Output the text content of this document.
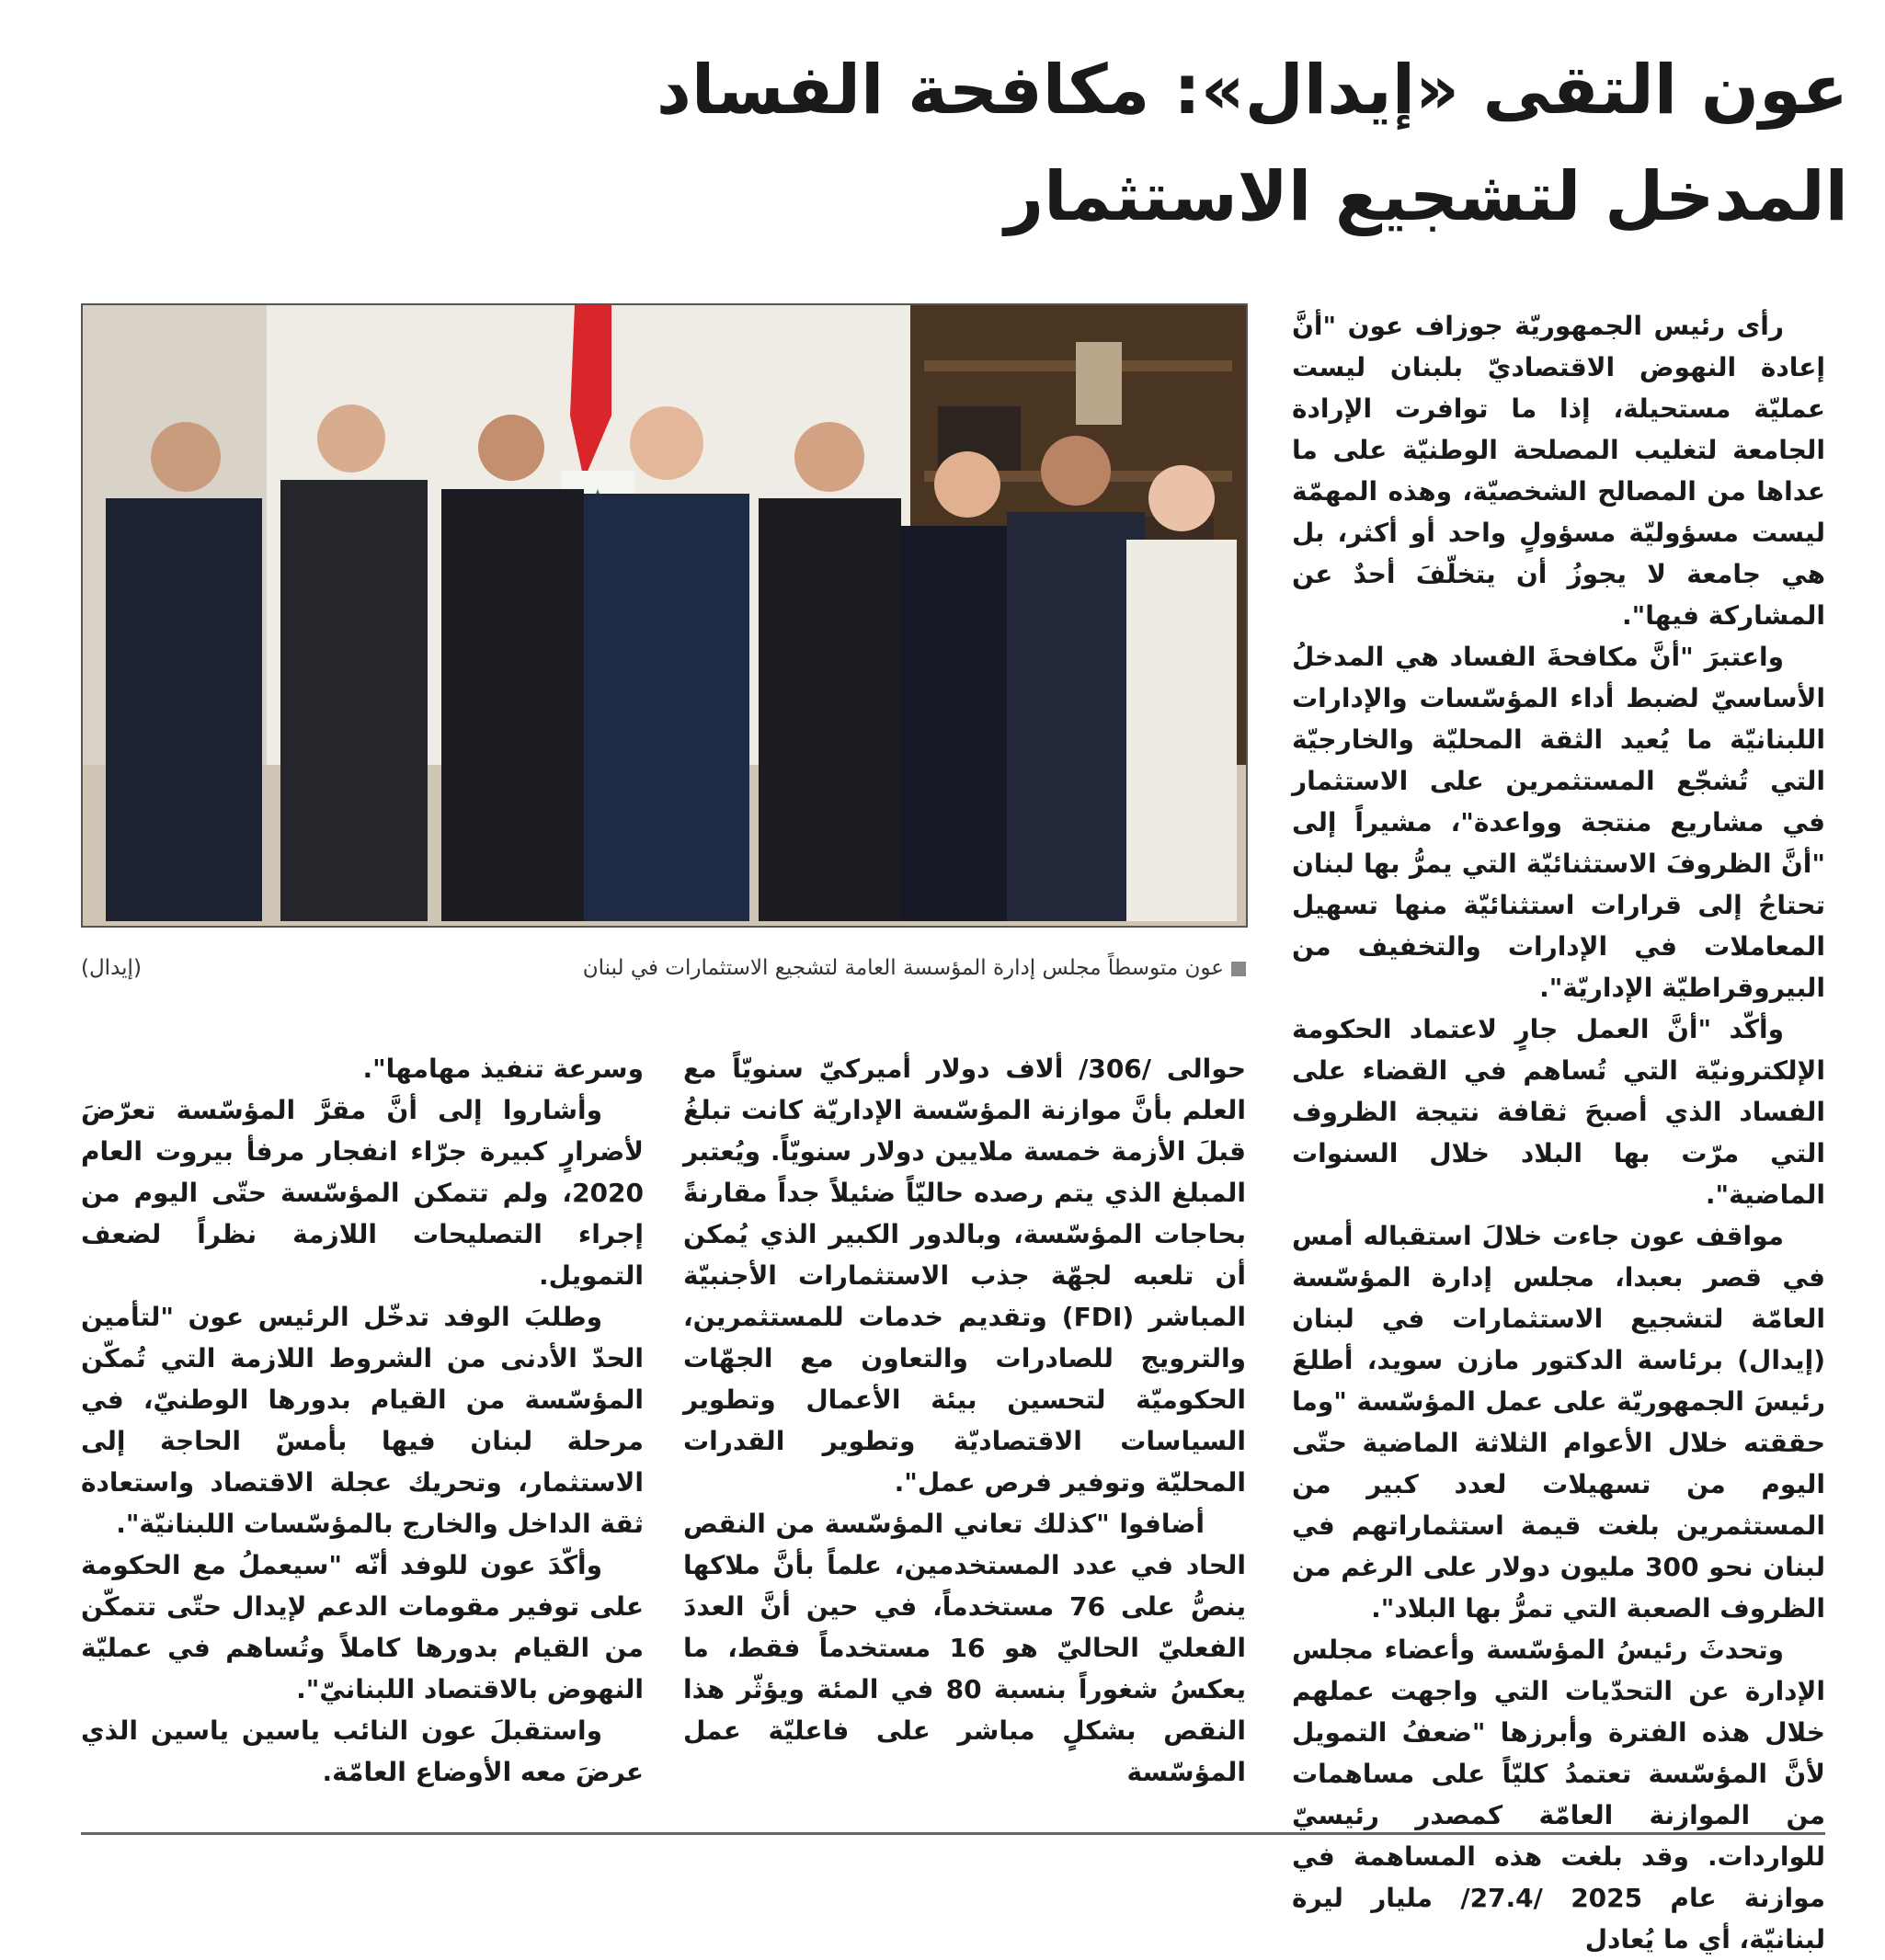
عون التقى «إيدال»: مكافحة الفساد
المدخل لتشجيع الاستثمار
عون متوسطاً مجلس إدارة المؤسسة العامة لتشجيع الاستثمارات في لبنان
(إيدال)

رأى رئيس الجمهوريّة جوزاف عون "أنَّ إعادة النهوض الاقتصاديّ بلبنان ليست عمليّة مستحيلة، إذا ما توافرت الإرادة الجامعة لتغليب المصلحة الوطنيّة على ما عداها من المصالح الشخصيّة، وهذه المهمّة ليست مسؤوليّة مسؤولٍ واحد أو أكثر، بل هي جامعة لا يجوزُ أن يتخلّفَ أحدٌ عن المشاركة فيها".

واعتبرَ "أنَّ مكافحةَ الفساد هي المدخلُ الأساسيّ لضبط أداء المؤسّسات والإدارات اللبنانيّة ما يُعيد الثقة المحليّة والخارجيّة التي تُشجّع المستثمرين على الاستثمار في مشاريع منتجة وواعدة"، مشيراً إلى "أنَّ الظروفَ الاستثنائيّة التي يمرُّ بها لبنان تحتاجُ إلى قرارات استثنائيّة منها تسهيل المعاملات في الإدارات والتخفيف من البيروقراطيّة الإداريّة".

وأكّد "أنَّ العمل جارٍ لاعتماد الحكومة الإلكترونيّة التي تُساهم في القضاء على الفساد الذي أصبحَ ثقافة نتيجة الظروف التي مرّت بها البلاد خلال السنوات الماضية".

مواقف عون جاءت خلالَ استقباله أمس في قصر بعبدا، مجلس إدارة المؤسّسة العامّة لتشجيع الاستثمارات في لبنان (إيدال) برئاسة الدكتور مازن سويد، أطلعَ رئيسَ الجمهوريّة على عمل المؤسّسة "وما حققته خلال الأعوام الثلاثة الماضية حتّى اليوم من تسهيلات لعدد كبير من المستثمرين بلغت قيمة استثماراتهم في لبنان نحو 300 مليون دولار على الرغم من الظروف الصعبة التي تمرُّ بها البلاد".

وتحدثَ رئيسُ المؤسّسة وأعضاء مجلس الإدارة عن التحدّيات التي واجهت عملهم خلال هذه الفترة وأبرزها "ضعفُ التمويل لأنَّ المؤسّسة تعتمدُ كليّاً على مساهمات من الموازنة العامّة كمصدر رئيسيّ للواردات. وقد بلغت هذه المساهمة في موازنة عام 2025 /27.4/ مليار ليرة لبنانيّة، أي ما يُعادل

حوالى /306/ ألاف دولار أميركيّ سنويّاً مع العلم بأنَّ موازنة المؤسّسة الإداريّة كانت تبلغُ قبلَ الأزمة خمسة ملايين دولار سنويّاً. ويُعتبر المبلغ الذي يتم رصده حاليّاً ضئيلاً جداً مقارنةً بحاجات المؤسّسة، وبالدور الكبير الذي يُمكن أن تلعبه لجهّة جذب الاستثمارات الأجنبيّة المباشر (FDI) وتقديم خدمات للمستثمرين، والترويج للصادرات والتعاون مع الجهّات الحكوميّة لتحسين بيئة الأعمال وتطوير السياسات الاقتصاديّة وتطوير القدرات المحليّة وتوفير فرص عمل".

أضافوا "كذلك تعاني المؤسّسة من النقص الحاد في عدد المستخدمين، علماً بأنَّ ملاكها ينصُّ على 76 مستخدماً، في حين أنَّ العددَ الفعليّ الحاليّ هو 16 مستخدماً فقط، ما يعكسُ شغوراً بنسبة 80 في المئة ويؤثّر هذا النقص بشكلٍ مباشر على فاعليّة عمل المؤسّسة

وسرعة تنفيذ مهامها".

وأشاروا إلى أنَّ مقرَّ المؤسّسة تعرّضَ لأضرارٍ كبيرة جرّاء انفجار مرفأ بيروت العام 2020، ولم تتمكن المؤسّسة حتّى اليوم من إجراء التصليحات اللازمة نظراً لضعف التمويل.

وطلبَ الوفد تدخّل الرئيس عون "لتأمين الحدّ الأدنى من الشروط اللازمة التي تُمكّن المؤسّسة من القيام بدورها الوطنيّ، في مرحلة لبنان فيها بأمسّ الحاجة إلى الاستثمار، وتحريك عجلة الاقتصاد واستعادة ثقة الداخل والخارج بالمؤسّسات اللبنانيّة".

وأكّدَ عون للوفد أنّه "سيعملُ مع الحكومة على توفير مقومات الدعم لإيدال حتّى تتمكّن من القيام بدورها كاملاً وتُساهم في عمليّة النهوض بالاقتصاد اللبنانيّ".

واستقبلَ عون النائب ياسين ياسين الذي عرضَ معه الأوضاع العامّة.
